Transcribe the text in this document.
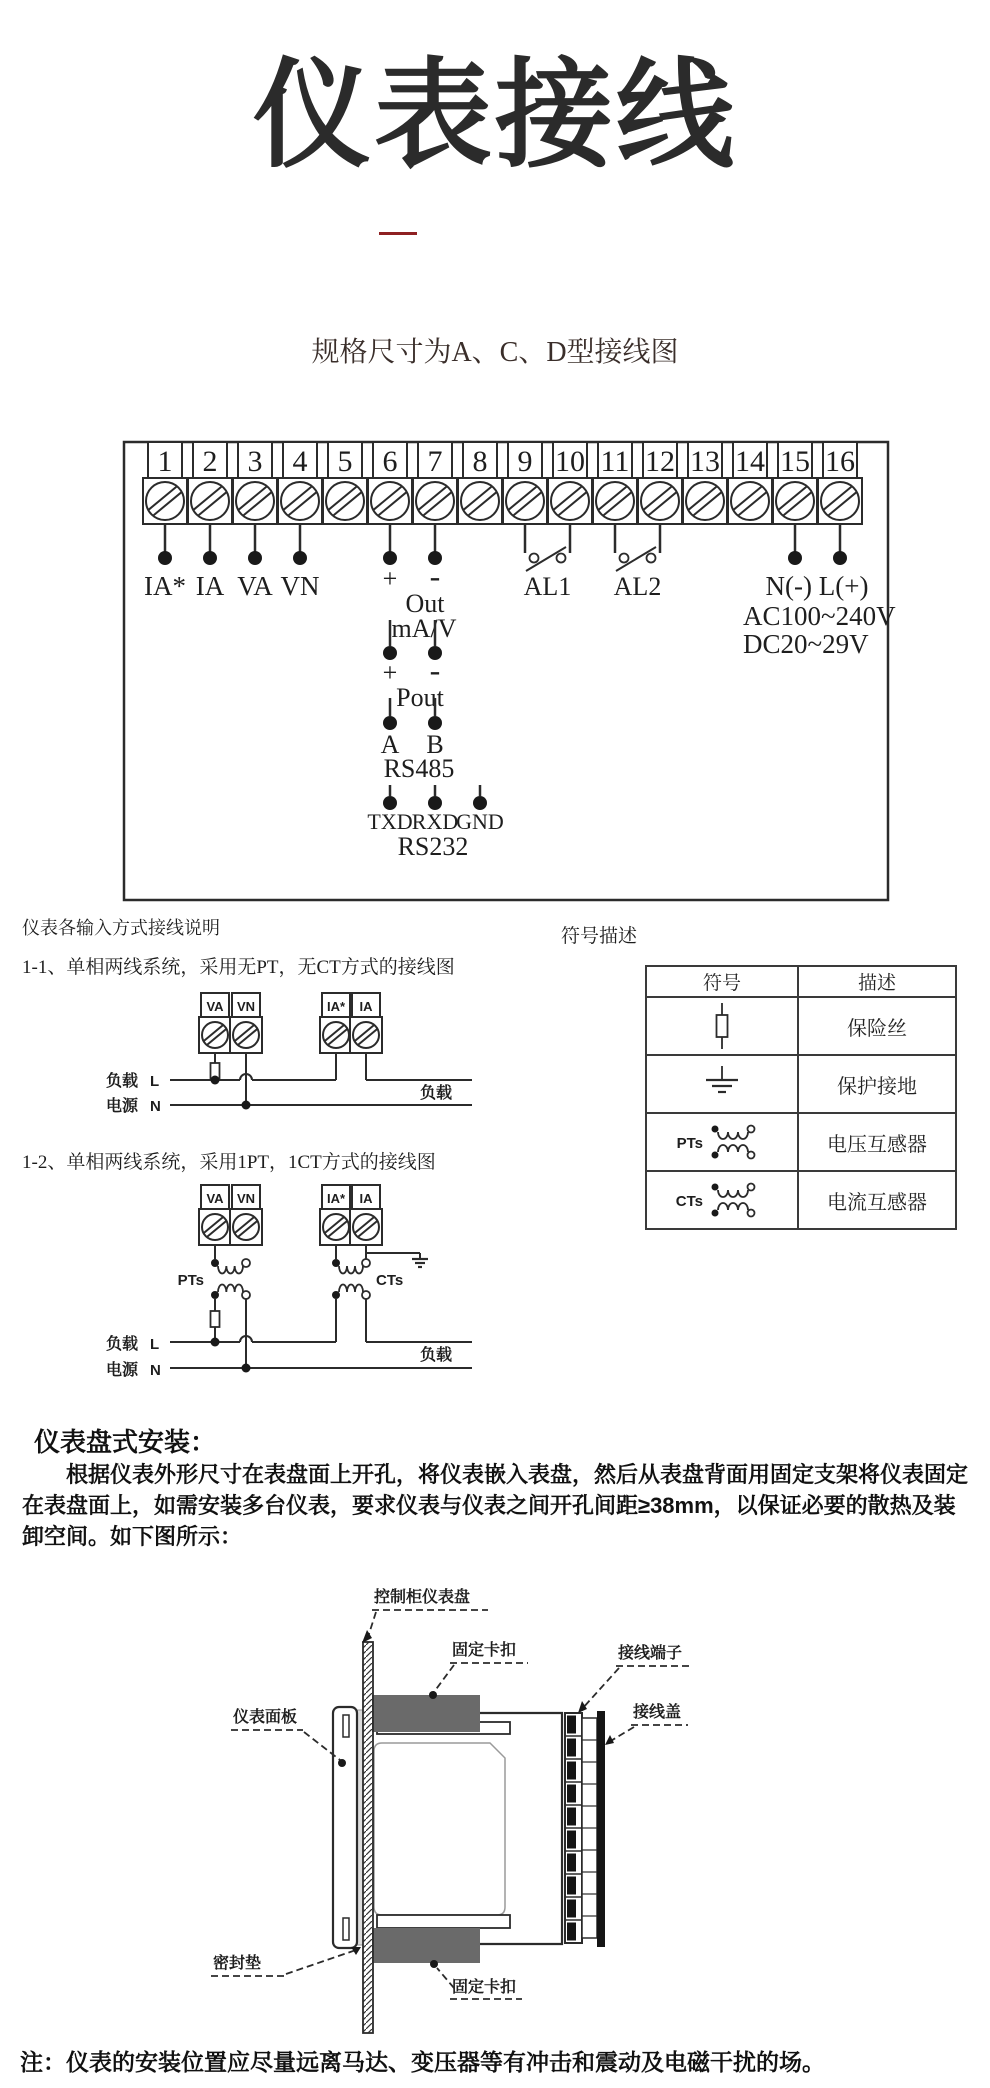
仪表接线
规格尺寸为A、C、D型接线图
1 2 3 4 5 6 7 8 9 10 11 12 13 14 15 16
IA* IA VA VN + -
Out
mA/V
+ -
Pout
A B
RS485
TXD RXD
GND
RS232
AL1 AL2	N(-) L(+)
AC100~240V
DC20~29V
仪表各输入方式接线说明
1-1、单相两线系统，采用无PT，无CT方式的接线图
VA VN	IA* IA
负载 L
电源 N
负载
1-2、单相两线系统，采用1PT，1CT方式的接线图
VA VN	IA* IA
PTs	CTs
负载 L
电源 N
负载
符号描述
符号	描述
	保险丝
	保护接地

PTs	电压互感器

CTs	电流互感器
仪表盘式安装：

根据仪表外形尺寸在表盘面上开孔，将仪表嵌入表盘，然后从表盘背面用固定支架将仪表固定在表盘面上，如需安装多台仪表，要求仪表与仪表之间开孔间距≥38mm，以保证必要的散热及装卸空间。如下图所示：

控制柜仪表盘
固定卡扣	接线端子
接线盖
仪表面板
密封垫
固定卡扣
注：仪表的安装位置应尽量远离马达、变压器等有冲击和震动及电磁干扰的场。
